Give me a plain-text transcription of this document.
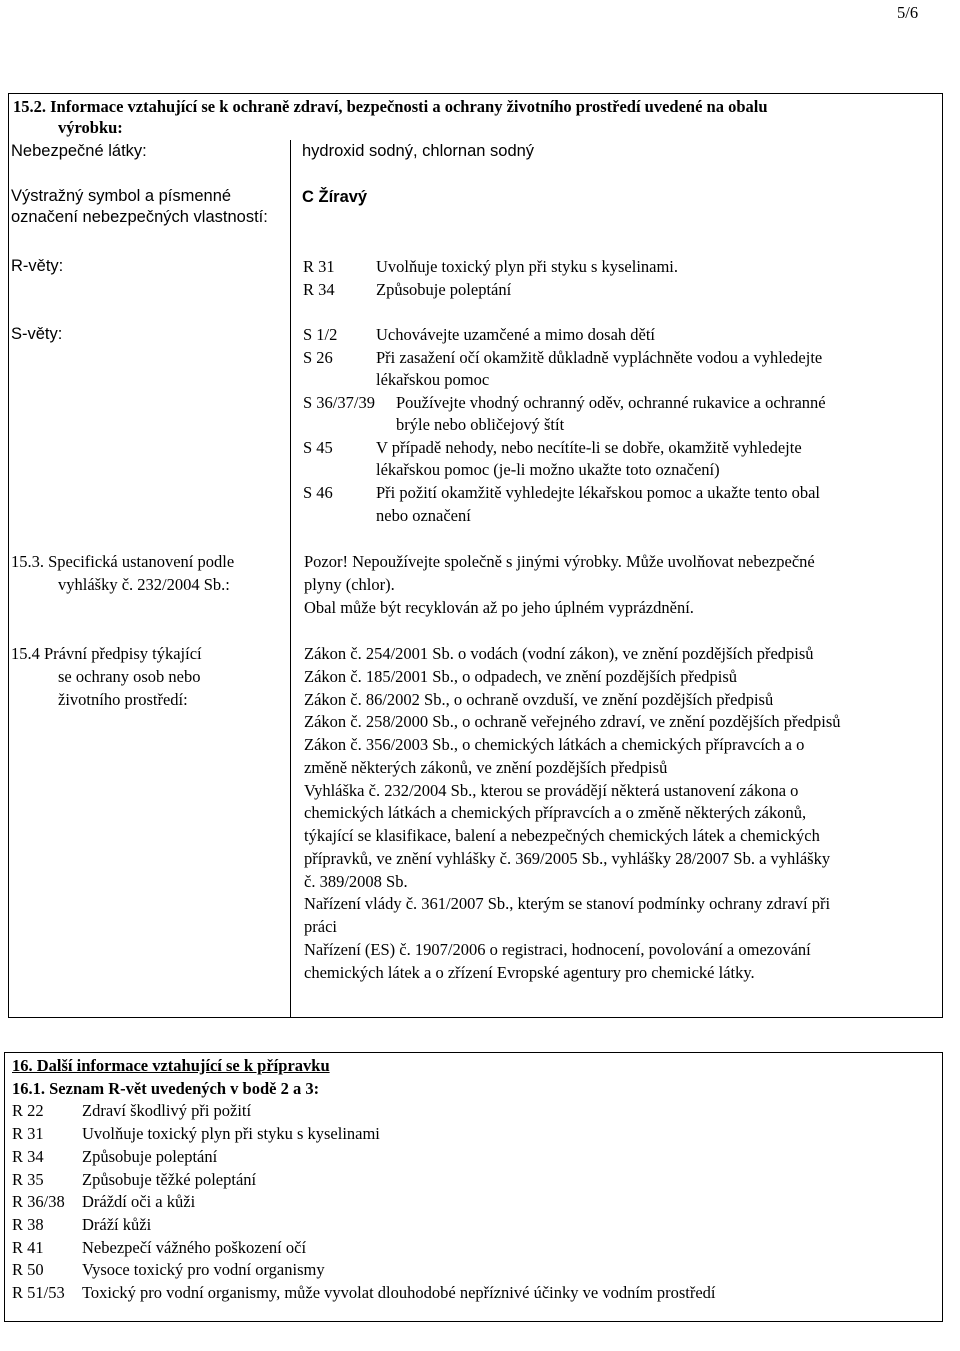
5/6
15.2. Informace vztahující se k ochraně zdraví, bezpečnosti a ochrany životního prostředí uvedené na obalu
výrobku:
Nebezpečné látky:	hydroxid sodný, chlornan sodný
Výstražný symbol a písmenné
označení nebezpečných vlastností:
C Žíravý
R-věty:	R 31	Uvolňuje toxický plyn při styku s kyselinami.
R 34	Způsobuje poleptání
S-věty:	S 1/2 Uchovávejte uzamčené a mimo dosah dětí
S 26	Při zasažení očí okamžitě důkladně vypláchněte vodou a vyhledejte
lékařskou pomoc
S 36/37/39 Používejte vhodný ochranný oděv, ochranné rukavice a ochranné
brýle nebo obličejový štít
S 45	V případě nehody, nebo necítíte-li se dobře, okamžitě vyhledejte
lékařskou pomoc (je-li možno ukažte toto označení)
S 46	Při požití okamžitě vyhledejte lékařskou pomoc a ukažte tento obal
nebo označení
15.3. Specifická ustanovení podle
vyhlášky č. 232/2004 Sb.:
Pozor! Nepoužívejte společně s jinými výrobky. Může uvolňovat nebezpečné
plyny (chlor).
Obal může být recyklován až po jeho úplném vyprázdnění.
15.4 Právní předpisy týkající
se ochrany osob nebo
životního prostředí:
Zákon č. 254/2001 Sb. o vodách (vodní zákon), ve znění pozdějších předpisů
Zákon č. 185/2001 Sb., o odpadech, ve znění pozdějších předpisů
Zákon č. 86/2002 Sb., o ochraně ovzduší, ve znění pozdějších předpisů
Zákon č. 258/2000 Sb., o ochraně veřejného zdraví, ve znění pozdějších předpisů
Zákon č. 356/2003 Sb., o chemických látkách a chemických přípravcích a o
změně některých zákonů, ve znění pozdějších předpisů
Vyhláška č. 232/2004 Sb., kterou se provádějí některá ustanovení zákona o
chemických látkách a chemických přípravcích a o změně některých zákonů,
týkající se klasifikace, balení a nebezpečných chemických látek a chemických
přípravků, ve znění vyhlášky č. 369/2005 Sb., vyhlášky 28/2007 Sb. a vyhlášky
č. 389/2008 Sb.
Nařízení vlády č. 361/2007 Sb., kterým se stanoví podmínky ochrany zdraví při
práci
Nařízení (ES) č. 1907/2006 o registraci, hodnocení, povolování a omezování
chemických látek a o zřízení Evropské agentury pro chemické látky.
16. Další informace vztahující se k přípravku
16.1. Seznam R-vět uvedených v bodě 2 a 3:
R 22 Zdraví škodlivý při požití
R 31 Uvolňuje toxický plyn při styku s kyselinami
R 34 Způsobuje poleptání
R 35 Způsobuje těžké poleptání
R 36/38 Dráždí oči a kůži
R 38 Dráží kůži
R 41 Nebezpečí vážného poškození očí
R 50 Vysoce toxický pro vodní organismy
R 51/53 Toxický pro vodní organismy, může vyvolat dlouhodobé nepříznivé účinky ve vodním prostředí
